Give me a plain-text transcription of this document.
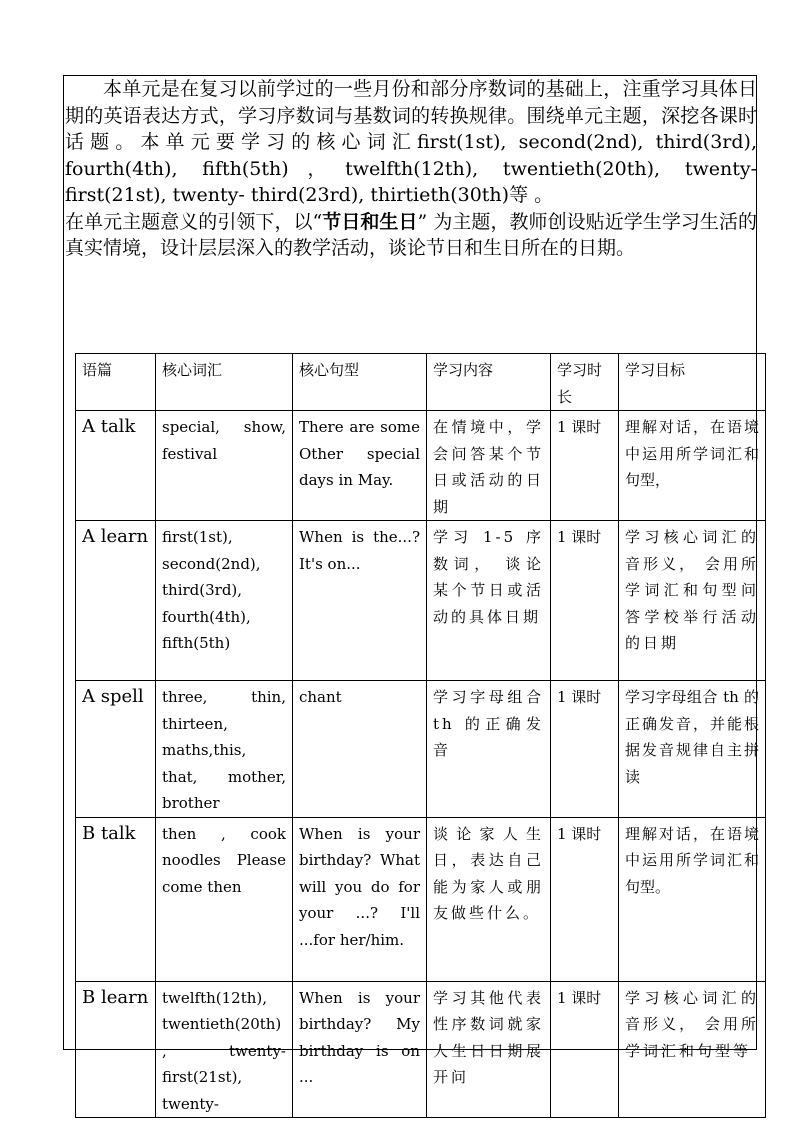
本单元是在复习以前学过的一些月份和部分序数词的基础上，注重学习具体日期的英语表达方式，学习序数词与基数词的转换规律。围绕单元主题，深挖各课时话题。本单元要学习的核心词汇first(1st), second(2nd), third(3rd), fourth(4th), fifth(5th)，twelfth(12th), twentieth(20th), twenty-first(21st), twenty- third(23rd), thirtieth(30th)等 。

在单元主题意义的引领下，以“节日和生日” 为主题，教师创设贴近学生学习生活的真实情境，设计层层深入的教学活动，谈论节日和生日所在的日期。

语篇	核心词汇	核心句型	学习内容	学习时长	学习目标
A talk	special, show, festival	There are some Other special days in May.	在情境中，学会问答某个节日或活动的日期	1 课时	理解对话，在语境中运用所学词汇和句型，
A learn	first(1st), second(2nd), third(3rd), fourth(4th), fifth(5th)	When is the...? It's on...	学习 1-5 序数词， 谈论某个节日或活动的具体日期	1 课时	学习核心词汇的音形义， 会用所学词汇和句型问答学校举行活动的日期
A spell	three, thin, thirteen, maths,this, that, mother, brother	chant	学习字母组合th 的正确发音	1 课时	学习字母组合 th 的正确发音，并能根据发音规律自主拼读
B talk	then , cook noodles Please come then	When is your birthday? What will you do for your ...? I'll ...for her/him.	谈论家人生日，表达自己能为家人或朋友做些什么。	1 课时	理解对话，在语境中运用所学词汇和句型。
B learn	twelfth(12th), twentieth(20th), twenty-first(21st), twenty-	When is your birthday? My birthday is on ...	学习其他代表性序数词就家人生日日期展开问	1 课时	学习核心词汇的音形义， 会用所学词汇和句型等
